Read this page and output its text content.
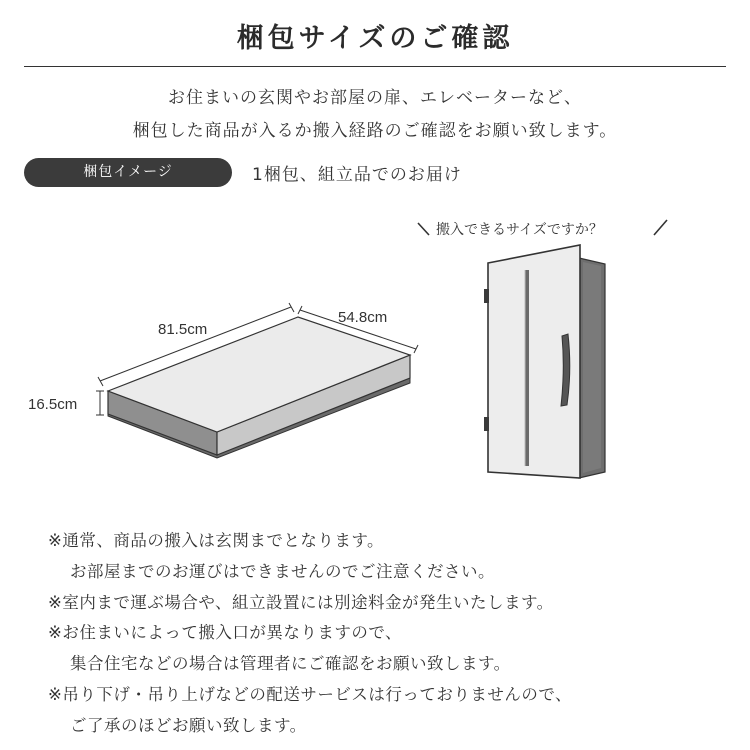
梱包サイズのご確認
お住まいの玄関やお部屋の扉、エレベーターなど、
梱包した商品が入るか搬入経路のご確認をお願い致します。
梱包イメージ	1梱包、組立品でのお届け
81.5cm
54.8cm
16.5cm
搬入できるサイズですか？
※通常、商品の搬入は玄関までとなります。
お部屋までのお運びはできませんのでご注意ください。
※室内まで運ぶ場合や、組立設置には別途料金が発生いたします。
※お住まいによって搬入口が異なりますので、
集合住宅などの場合は管理者にご確認をお願い致します。
※吊り下げ・吊り上げなどの配送サービスは行っておりませんので、
ご了承のほどお願い致します。
